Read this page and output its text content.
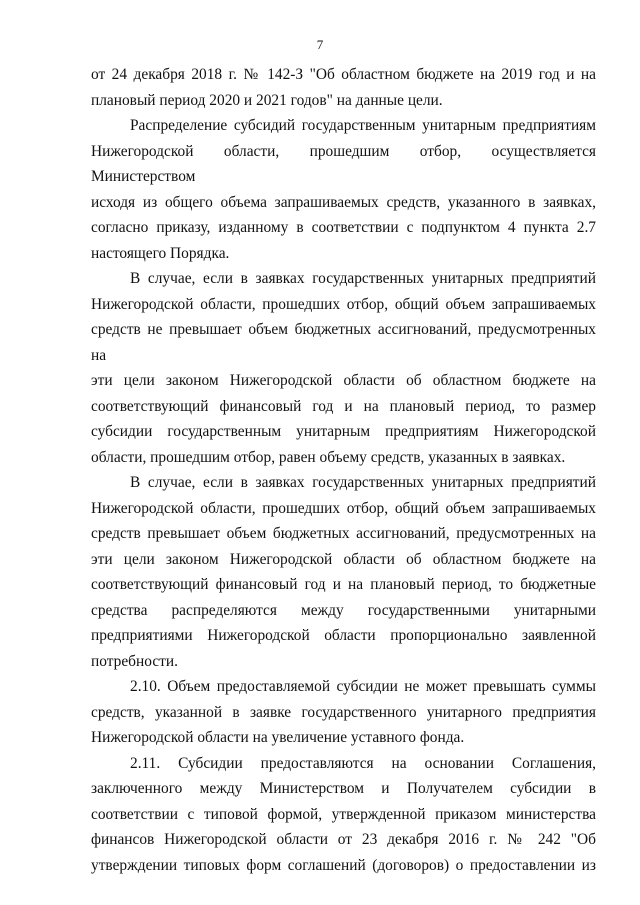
7

от 24 декабря 2018 г. № 142-З "Об областном бюджете на 2019 год и на
плановый период 2020 и 2021 годов" на данные цели.

Распределение субсидий государственным унитарным предприятиям
Нижегородской области, прошедшим отбор, осуществляется Министерством
исходя из общего объема запрашиваемых средств, указанного в заявках,
согласно приказу, изданному в соответствии с подпунктом 4 пункта 2.7
настоящего Порядка.

В случае, если в заявках государственных унитарных предприятий
Нижегородской области, прошедших отбор, общий объем запрашиваемых
средств не превышает объем бюджетных ассигнований, предусмотренных на
эти цели законом Нижегородской области об областном бюджете на
соответствующий финансовый год и на плановый период, то размер
субсидии государственным унитарным предприятиям Нижегородской
области, прошедшим отбор, равен объему средств, указанных в заявках.

В случае, если в заявках государственных унитарных предприятий
Нижегородской области, прошедших отбор, общий объем запрашиваемых
средств превышает объем бюджетных ассигнований, предусмотренных на
эти цели законом Нижегородской области об областном бюджете на
соответствующий финансовый год и на плановый период, то бюджетные
средства распределяются между государственными унитарными
предприятиями Нижегородской области пропорционально заявленной
потребности.

2.10. Объем предоставляемой субсидии не может превышать суммы
средств, указанной в заявке государственного унитарного предприятия
Нижегородской области на увеличение уставного фонда.

2.11. Субсидии предоставляются на основании Соглашения,
заключенного между Министерством и Получателем субсидии в
соответствии с типовой формой, утвержденной приказом министерства
финансов Нижегородской области от 23 декабря 2016 г. № 242 "Об
утверждении типовых форм соглашений (договоров) о предоставлении из
